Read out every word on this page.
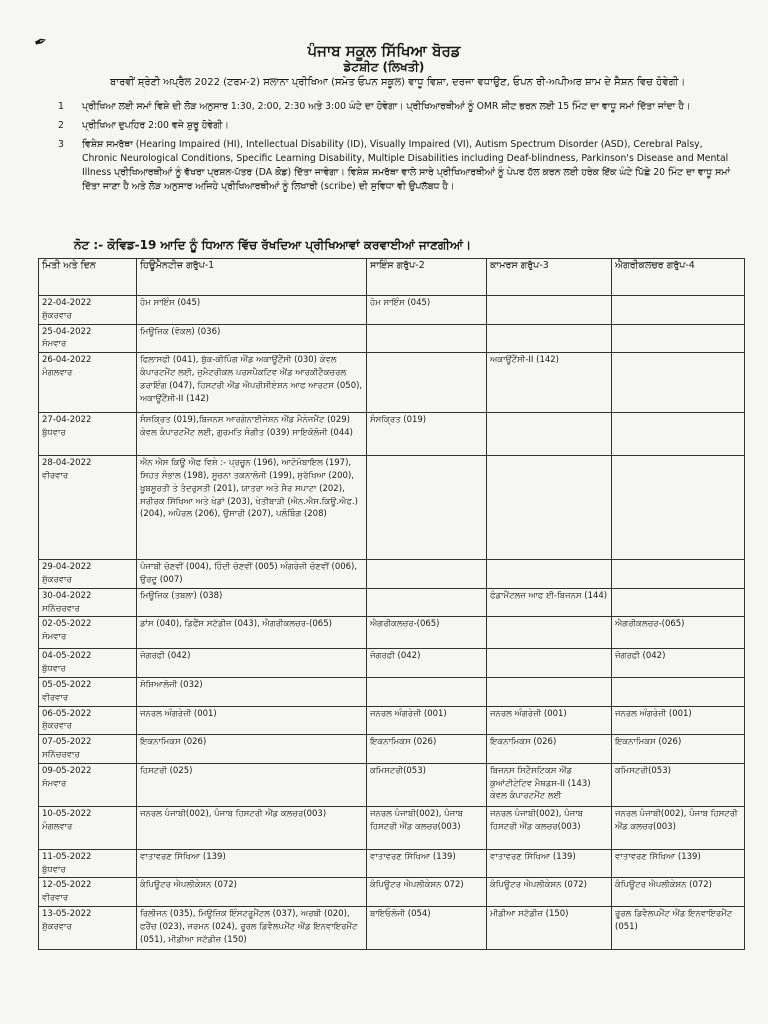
✒	ਪੰਜਾਬ ਸਕੂਲ ਸਿੱਖਿਆ ਬੋਰਡ
ਡੇਟਸ਼ੀਟ (ਲਿਖਤੀ)
ਬਾਰਵੀਂ ਸ਼੍ਰੇਣੀ ਅਪ੍ਰੈਲ 2022 (ਟਰਮ-2) ਸਲਾਨਾ ਪ੍ਰੀਖਿਆ (ਸਮੇਤ ਓਪਨ ਸਕੂਲ) ਵਾਧੂ ਵਿਸ਼ਾ, ਦਰਜਾ ਵਧਾਉਣ, ਓਪਨ ਰੀ-ਅਪੀਅਰ ਸ਼ਾਮ ਦੇ ਸੈਸ਼ਨ ਵਿਚ ਹੋਵੇਗੀ।
1	ਪ੍ਰੀਖਿਆ ਲਈ ਸਮਾਂ ਵਿਸ਼ੇ ਦੀ ਲੋੜ ਅਨੁਸਾਰ 1:30, 2:00, 2:30 ਅਤੇ 3:00 ਘੰਟੇ ਦਾ ਹੋਵੇਗਾ। ਪ੍ਰੀਖਿਆਰਥੀਆਂ ਨੂੰ OMR ਸ਼ੀਟ ਭਰਨ ਲਈ 15 ਮਿੰਟ ਦਾ ਵਾਧੂ ਸਮਾਂ ਦਿੱਤਾ ਜਾਂਦਾ ਹੈ।
2	ਪ੍ਰੀਖਿਆ ਦੁਪਹਿਰ 2:00 ਵਜੇ ਸ਼ੁਰੂ ਹੋਵੇਗੀ।
3	ਵਿਸ਼ੇਸ਼ ਸਮਰੱਥਾ (Hearing Impaired (HI), Intellectual Disability (ID), Visually Impaired (VI), Autism Spectrum Disorder (ASD), Cerebral Palsy, Chronic Neurological Conditions, Specific Learning Disability, Multiple Disabilities including Deaf-blindness, Parkinson's Disease and Mental Illness ਪ੍ਰੀਖਿਆਰਥੀਆਂ ਨੂੰ ਵੱਖਰਾ ਪ੍ਰਸ਼ਨ-ਪੱਤਰ (DA ਕੋਡ) ਦਿੱਤਾ ਜਾਵੇਗਾ। ਵਿਸ਼ੇਸ਼ ਸਮਰੱਥਾ ਵਾਲੇ ਸਾਰੇ ਪ੍ਰੀਖਿਆਰਥੀਆਂ ਨੂੰ ਪੇਪਰ ਹੱਲ ਕਰਨ ਲਈ ਹਰੇਕ ਇੱਕ ਘੰਟੇ ਪਿੱਛੇ 20 ਮਿੰਟ ਦਾ ਵਾਧੂ ਸਮਾਂ ਦਿੱਤਾ ਜਾਣਾ ਹੈ ਅਤੇ ਲੋੜ ਅਨੁਸਾਰ ਅਜਿਹੇ ਪ੍ਰੀਖਿਆਰਥੀਆਂ ਨੂੰ ਲਿਖਾਰੀ (scribe) ਦੀ ਸੁਵਿਧਾ ਵੀ ਉਪਲੱਬਧ ਹੈ।
ਨੋਟ :- ਕੋਵਿਡ-19 ਆਦਿ ਨੂੰ ਧਿਆਨ ਵਿੱਚ ਰੱਖਦਿਆ ਪ੍ਰੀਖਿਆਵਾਂ ਕਰਵਾਈਆਂ ਜਾਣਗੀਆਂ।
ਮਿਤੀ ਅਤੇ ਦਿਨ	ਹਿਊਮੈਨਟੀਜ਼ ਗਰੁੱਪ-1	ਸਾਇੰਸ ਗਰੁੱਪ-2	ਕਾਮਰਸ ਗਰੁੱਪ-3	ਐਗਰੀਕਲਚਰ ਗਰੁੱਪ-4

22-04-2022
ਸ਼ੁੱਕਰਵਾਰ	ਹੋਮ ਸਾਇੰਸ (045)	ਹੋਮ ਸਾਇੰਸ (045)		

25-04-2022
ਸੋਮਵਾਰ	ਮਿਊਜ਼ਿਕ (ਵੋਕਲ) (036)			

26-04-2022
ਮੰਗਲਵਾਰ	ਫਿਲਾਸਫੀ (041), ਬੁੱਕ-ਕੀਪਿੰਗ ਐਂਡ ਅਕਾਊਂਟੈਂਸੀ (030) ਕੇਵਲ ਕੰਪਾਰਟਮੈਂਟ ਲਈ, ਜੁਮੈਟਰੀਕਲ ਪਰਸਪੈਕਟਿਵ ਐਂਡ ਆਰਕੀਟੈਕਚਰਲ ਡਰਾਇੰਗ (047), ਹਿਸਟਰੀ ਐਂਡ ਐਪਰੀਸੀਏਸ਼ਨ ਆਫ ਆਰਟਸ (050), ਅਕਾਊਂਟੈਂਸੀ-II (142)		ਅਕਾਊਂਟੈਂਸੀ-II (142)	

27-04-2022
ਬੁੱਧਵਾਰ	ਸੰਸਕ੍ਰਿਤ (019),ਬਿਜਨਸ ਆਰਗੇਨਾਈਜੇਸ਼ਨ ਐਂਡ ਮੈਨੇਜਮੈਂਟ (029) ਕੇਵਲ ਕੰਪਾਰਟਮੈਂਟ ਲਈ, ਗੁਰਮਤਿ ਸੰਗੀਤ (039) ਸਾਇਕੋਲੋਜੀ (044)	ਸੰਸਕ੍ਰਿਤ (019)		

28-04-2022
ਵੀਰਵਾਰ	ਐਨ ਐਸ ਕਿਊ ਐਫ ਵਿਸ਼ੇ :- ਪ੍ਰਚੂਨ (196), ਆਟੋਮੋਬਾਇਲ (197), ਸਿਹਤ ਸੰਭਾਲ (198), ਸੂਚਨਾ ਤਕਨਾਲੋਜੀ (199), ਸੁਰੱਖਿਆ (200), ਖੂਬਸੂਰਤੀ ਤੇ ਤੰਦਰੁਸਤੀ (201), ਯਾਤਰਾ ਅਤੇ ਸੈਰ ਸਪਾਟਾ (202), ਸਰੀਰਕ ਸਿੱਖਿਆ ਅਤੇ ਖੇਡਾਂ (203), ਖੇਤੀਬਾੜੀ (ਐਨ.ਐਸ.ਕਿਊ.ਐਫ.) (204), ਅਪੈਰਲ (206), ਉਸਾਰੀ (207), ਪਲੰਬਿੰਗ (208)			

29-04-2022
ਸ਼ੁੱਕਰਵਾਰ	ਪੰਜਾਬੀ ਚੋਣਵੀਂ (004), ਹਿੰਦੀ ਚੋਣਵੀਂ (005) ਅੰਗਰੇਜ਼ੀ ਚੋਣਵੀਂ (006), ਉਰਦੂ (007)			

30-04-2022
ਸਨਿੱਚਰਵਾਰ	ਮਿਊਜ਼ਿਕ (ਤਬਲਾ) (038)		ਫੰਡਾਮੈਂਟਲਜ਼ ਆਫ ਈ-ਬਿਜਨਸ (144)	

02-05-2022
ਸੋਮਵਾਰ	ਡਾਂਸ (040), ਡਿਫੈਂਸ ਸਟੱਡੀਜ਼ (043), ਐਗਰੀਕਲਚਰ-(065)	ਐਗਰੀਕਲਚਰ-(065)		ਐਗਰੀਕਲਚਰ-(065)

04-05-2022
ਬੁੱਧਵਾਰ	ਜੋਗਰਫੀ (042)	ਜੋਗਰਫੀ (042)		ਜੋਗਰਫੀ (042)

05-05-2022
ਵੀਰਵਾਰ	ਸੋਸ਼ਿਆਲੋਜੀ (032)			

06-05-2022
ਸ਼ੁੱਕਰਵਾਰ	ਜਨਰਲ ਅੰਗਰੇਜ਼ੀ (001)	ਜਨਰਲ ਅੰਗਰੇਜ਼ੀ (001)	ਜਨਰਲ ਅੰਗਰੇਜ਼ੀ (001)	ਜਨਰਲ ਅੰਗਰੇਜ਼ੀ (001)

07-05-2022
ਸਨਿੱਚਰਵਾਰ	ਇਕਨਾਮਿਕਸ (026)	ਇਕਨਾਮਿਕਸ (026)	ਇਕਨਾਮਿਕਸ (026)	ਇਕਨਾਮਿਕਸ (026)

09-05-2022
ਸੋਮਵਾਰ	ਹਿਸਟਰੀ (025)	ਕਮਿਸਟਰੀ(053)	ਬਿਜਨਸ ਸਿਟੈਸਟਿਕਸ ਐਂਡ ਕੁਆਂਟੀਟੇਟਿਵ ਮੈਥਡਸ-II (143) ਕੇਵਲ ਕੰਪਾਰਟਮੈਂਟ ਲਈ	ਕਮਿਸਟਰੀ(053)

10-05-2022
ਮੰਗਲਵਾਰ	ਜਨਰਲ ਪੰਜਾਬੀ(002), ਪੰਜਾਬ ਹਿਸਟਰੀ ਐਂਡ ਕਲਚਰ(003)	ਜਨਰਲ ਪੰਜਾਬੀ(002), ਪੰਜਾਬ ਹਿਸਟਰੀ ਐਂਡ ਕਲਚਰ(003)	ਜਨਰਲ ਪੰਜਾਬੀ(002), ਪੰਜਾਬ ਹਿਸਟਰੀ ਐਂਡ ਕਲਚਰ(003)	ਜਨਰਲ ਪੰਜਾਬੀ(002), ਪੰਜਾਬ ਹਿਸਟਰੀ ਐਂਡ ਕਲਚਰ(003)

11-05-2022
ਬੁੱਧਵਾਰ	ਵਾਤਾਵਰਣ ਸਿੱਖਿਆ (139)	ਵਾਤਾਵਰਣ ਸਿੱਖਿਆ (139)	ਵਾਤਾਵਰਣ ਸਿੱਖਿਆ (139)	ਵਾਤਾਵਰਣ ਸਿੱਖਿਆ (139)

12-05-2022
ਵੀਰਵਾਰ	ਕੰਪਿਊਟਰ ਐਪਲੀਕੇਸ਼ਨ (072)	ਕੰਪਿਊਟਰ ਐਪਲੀਕੇਸ਼ਨ 072)	ਕੰਪਿਊਟਰ ਐਪਲੀਕੇਸ਼ਨ (072)	ਕੰਪਿਊਟਰ ਐਪਲੀਕੇਸ਼ਨ (072)

13-05-2022
ਸ਼ੁੱਕਰਵਾਰ	ਰਿਲੀਜਨ (035), ਮਿਊਜ਼ਿਕ ਇੰਸਟਰੂਮੈਂਟਲ (037), ਅਰਬੀ (020), ਫਰੈਂਚ (023), ਜਰਮਨ (024), ਰੂਰਲ ਡਿਵੈਲਪਮੈਂਟ ਐਂਡ ਇਨਵਾਇਰਮੈਂਟ (051), ਮੀਡੀਆ ਸਟੱਡੀਜ਼ (150)	ਬਾਇਓਲੋਜੀ (054)	ਮੀਡੀਆ ਸਟੱਡੀਜ਼ (150)	ਰੂਰਲ ਡਿਵੈਲਪਮੈਂਟ ਐਂਡ ਇਨਵਾਇਰਮੈਂਟ (051)
